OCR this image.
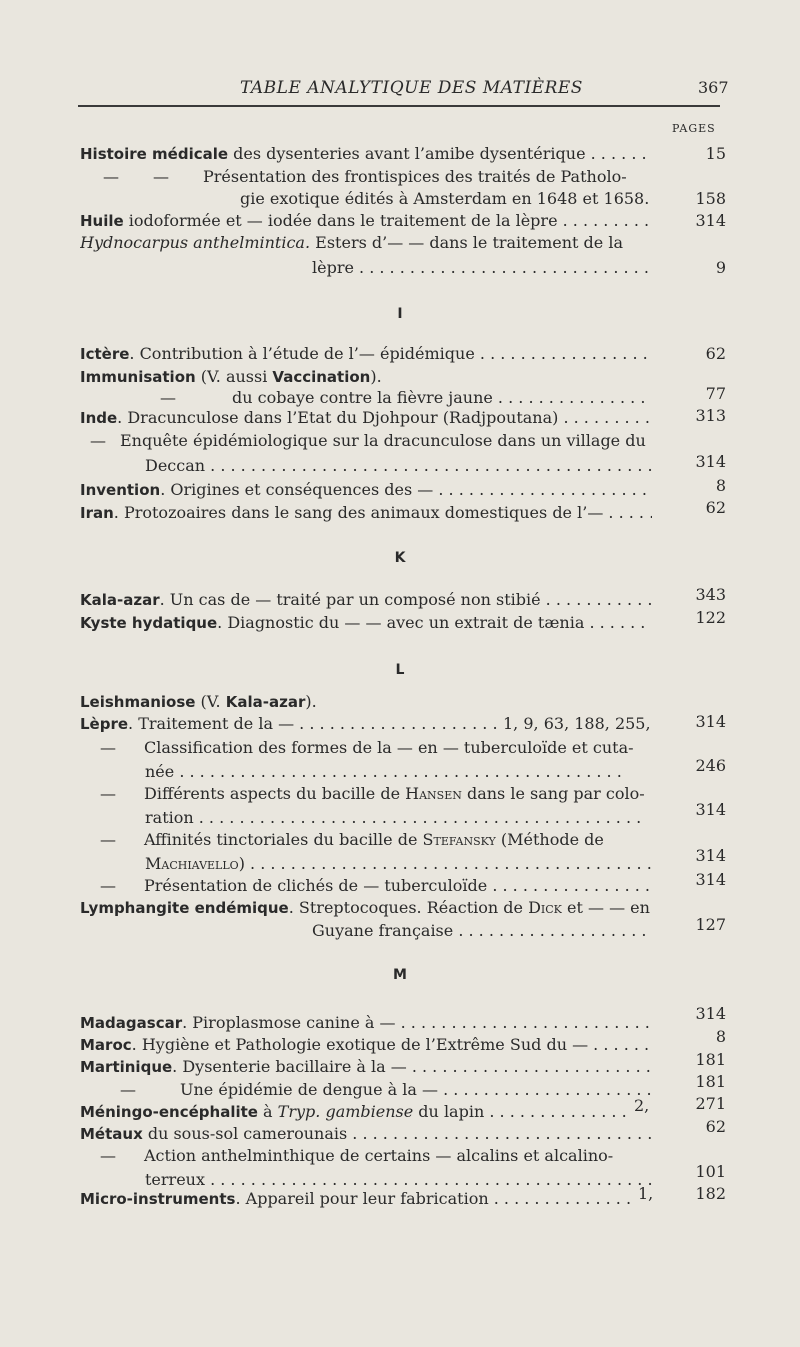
TABLE ANALYTIQUE DES MATIÈRES	367
PAGES
Histoire médicale des dysenteries avant l’amibe dysentérique . . .	15
— — Présentation des frontispices des traités de Patholo-
gie exotique édités à Amsterdam en 1648 et 1658.	158
Huile iodoformée et — iodée dans le traitement de la lèpre . . .	314
Hydnocarpus anthelmintica. Esters d’— — dans le traitement de la
lèpre . . .	9
I
Ictère. Contribution à l’étude de l’— épidémique . . .	62
Immunisation (V. aussi Vaccination).
—	du cobaye contre la fièvre jaune . . .	77
Inde. Dracunculose dans l’Etat du Djohpour (Radjpoutana) . . .	313
— Enquête épidémiologique sur la dracunculose dans un village du
Deccan . . .	314
Invention. Origines et conséquences des — . . .	8
Iran. Protozoaires dans le sang des animaux domestiques de l’— . . .	62
K
Kala-azar. Un cas de — traité par un composé non stibié . . .	343
Kyste hydatique. Diagnostic du — — avec un extrait de tænia . . .	122
L
Leishmaniose (V. Kala-azar).
Lèpre. Traitement de la — . . .	1, 9, 63, 188, 255,	314
— Classification des formes de la — en — tuberculoïde et cuta-
née . . .	246
— Différents aspects du bacille de Hansen dans le sang par colo-
ration . . .	314
— Affinités tinctoriales du bacille de Stefansky (Méthode de
Machiavello) . . .	314
— Présentation de clichés de — tuberculoïde . . .	314
Lymphangite endémique. Streptocoques. Réaction de Dick et — — en
Guyane française . . .	127
M
Madagascar. Piroplasmose canine à — . . .	314
Maroc. Hygiène et Pathologie exotique de l’Extrême Sud du — . . .	8
Martinique. Dysenterie bacillaire à la — . . .	181
—	Une épidémie de dengue à la — . . .	181
Méningo-encéphalite à Tryp. gambiense du lapin . . .	2,	271
Métaux du sous-sol camerounais . . .	62
— Action anthelminthique de certains — alcalins et alcalino-
terreux . . .	101
Micro-instruments. Appareil pour leur fabrication . . .	1,	182
